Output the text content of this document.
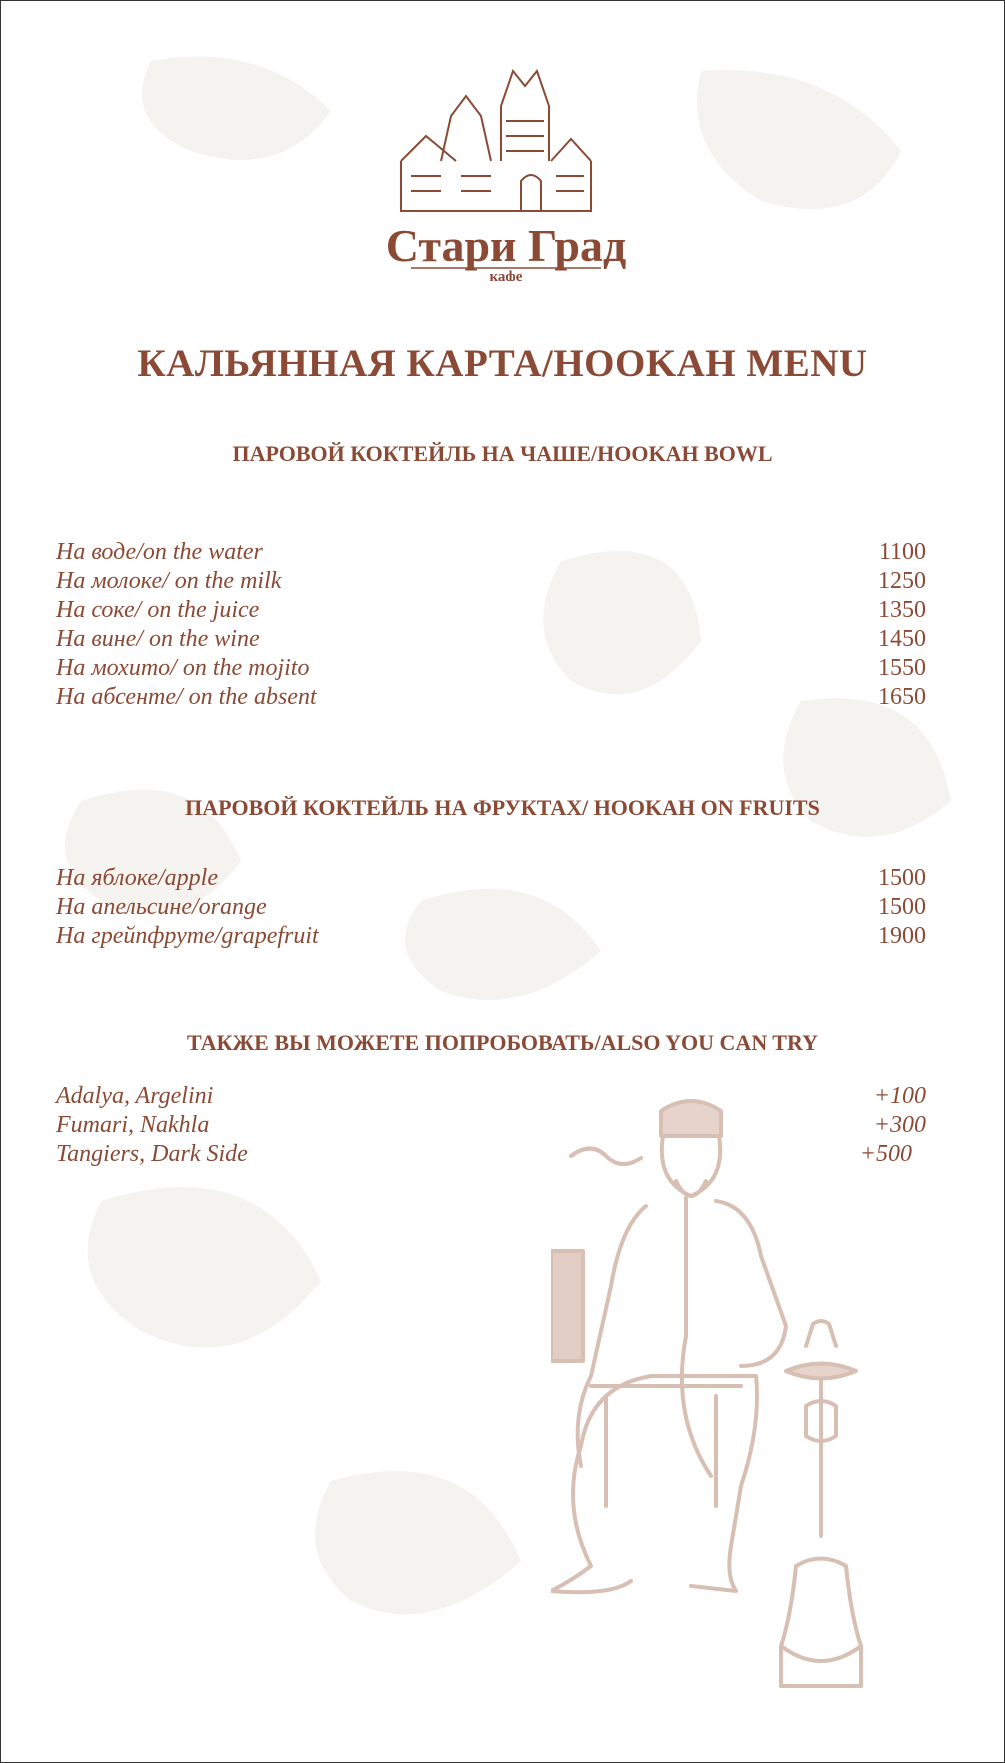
Стари Град
кафе
КАЛЬЯННАЯ КАРТА/HOOKAH MENU
ПАРОВОЙ КОКТЕЙЛЬ НА ЧАШЕ/HOOKAH BOWL
На воде/on the water	1100
На молоке/ on the milk	1250
На соке/ on the juice	1350
На вине/ on the wine	1450
На мохито/ on the mojito	1550
На абсенте/ on the absent	1650
ПАРОВОЙ КОКТЕЙЛЬ НА ФРУКТАХ/ HOOKAH ON FRUITS
На яблоке/apple	1500
На апельсине/orange	1500
На грейпфруте/grapefruit	1900
ТАКЖЕ ВЫ МОЖЕТЕ ПОПРОБОВАТЬ/ALSO YOU CAN TRY
Adalya, Argelini	+100
Fumari, Nakhla	+300
Tangiers, Dark Side	+500
